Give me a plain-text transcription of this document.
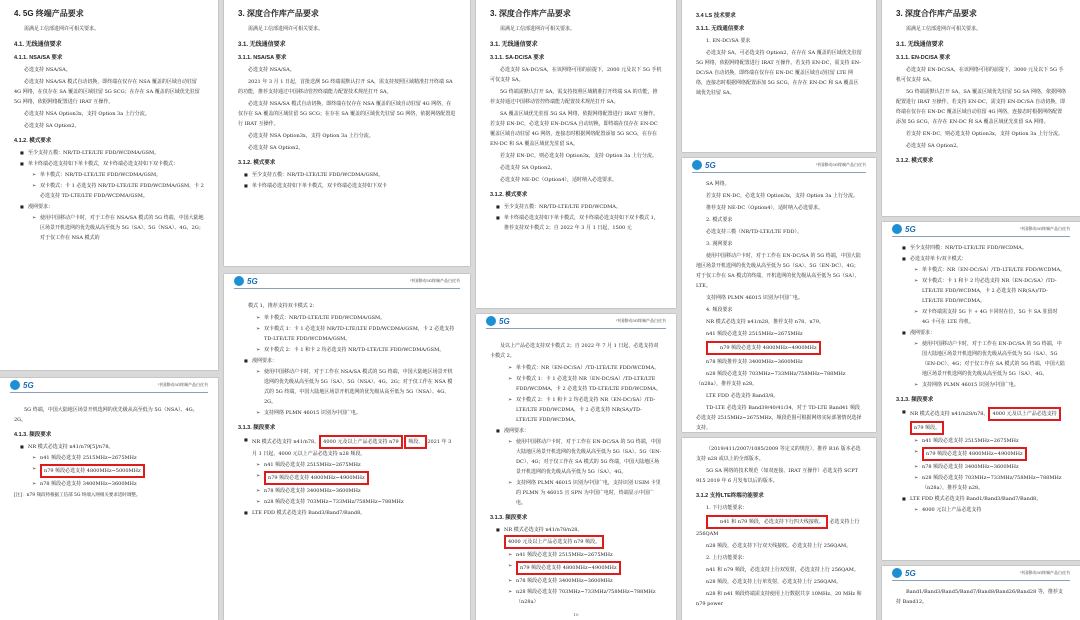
4. 5G 终端产品要求
需满足工信部进网许可相关要求。
4.1. 无线通信要求
4.1.1. NSA/SA 要求
必选支持 NSA/SA。
必选支持 NSA/SA 模式自动切换，即终端在仅存在 NSA 覆盖的区域自动驻留 4G 网络，在仅存在 SA 覆盖的区域驻留 5G SCG；在存在 SA 覆盖的区域优先驻留 5G 网络，依据网络配置进行 IRAT 互操作。
必选支持 NSA Option3x，支持 Option 3a 上行分流。
必选支持 SA Option2。
4.1.2. 模式要求
■ 至少支持五模：NR/TD-LTE/LTE FDD/WCDMA/GSM。
■ 单卡终端必选支持如下单卡模式，双卡终端必选支持如下双卡模式：
➢ 单卡模式：NR/TD-LTE/LTE FDD/WCDMA/GSM。
➢ 双卡模式：卡 1 必选支持 NR/TD-LTE/LTE FDD/WCDMA/GSM，卡 2 必选支持 TD-LTE/LTE FDD/WCDMA/GSM。
■ 漫网要求：
➢ 使用中国移动户卡时，对于工作在 NSA/SA 模式的 5G 终端，中国大陆地区场景开机选网的优先级从高至低为 5G（SA）、5G（NSA）、4G、2G；对于仅工作在 NSA 模式的
5G	中国移动5G终端产品白皮书
5G 终端，中国大陆地区场景开机选网的优先级从高至低为 5G（NSA）、4G、2G。
4.1.3. 频段要求
■ NR 模式必选支持 n41/n79[5]/n78。
➢ n41 频段必选支持 2515MHz~2675MHz
➢ n79 频段必选支持 4800MHz~5000MHz
➢ n78 频段必选支持 3400MHz~3600MHz
[注]：n79 频段将根据工信部 5G 终端入网相关要求适时调整。
3. 深度合作库产品要求
需满足工信部进网许可相关要求。
3.1. 无线通信要求
3.1.1. NSA/SA 要求
必选支持 NSA/SA。
2021 年 3 月 1 日起，首批送测 5G 终端需默认打开 SA，需支持按照区域精准打开终端 SA 的功能，推荐支持通过中国移动管控终端能力配置技术规范打开 SA。
必选支持 NSA/SA 模式自动切换，即终端在仅存在 NSA 覆盖的区域自动驻留 4G 网络，在仅存在 SA 覆盖的区域驻留 5G SCG；在存在 SA 覆盖的区域优先驻留 5G 网络，依据网络配置进行 IRAT 互操作。
必选支持 NSA Option3x，支持 Option 3a 上行分流。
必选支持 SA Option2。
3.1.2. 模式要求
■ 至少支持五模：NR/TD-LTE/LTE FDD/WCDMA/GSM。
■ 单卡终端必选支持如下单卡模式，双卡终端必选支持如下双卡
5G	中国移动5G终端产品白皮书
模式 1，推荐支持双卡模式 2：
➢ 单卡模式：NR/TD-LTE/LTE FDD/WCDMA/GSM。
➢ 双卡模式 1：卡 1 必选支持 NR/TD-LTE/LTE FDD/WCDMA/GSM，卡 2 必选支持 TD-LTE/LTE FDD/WCDMA/GSM。
➢ 双卡模式 2：卡 1 和卡 2 均必选支持 NR/TD-LTE/LTE FDD/WCDMA/GSM。
■ 漫网要求：
➢ 使用中国移动户卡时，对于工作在 NSA/SA 模式的 5G 终端，中国大陆地区场景开机选网的优先级从高至低为 5G（SA）、5G（NSA）、4G、2G；对于仅工作在 NSA 模式的 5G 终端，中国大陆地区场景开机选网的优先级从高至低为 5G（NSA）、4G、2G。
➢ 支持网络 PLMN 46015 识别为中国广电。
3.1.3. 频段要求
■ NR 模式必选支持 n41/n78、 4000 元及以上产品必选支持 n79 频段， 2021 年 3 月 1 日起，4000 元以上产品必选支持 n28 频段。
➢ n41 频段必选支持 2515MHz~2675MHz
➢ n79 频段必选支持 4800MHz~4900MHz
➢ n78 频段必选支持 3400MHz~3600MHz
➢ n28 频段必选支持 703MHz~733MHz/758MHz~788MHz
■ LTE FDD 模式必选支持 Band3/Band7/Band8。
3. 深度合作库产品要求
需满足工信部进网许可相关要求。
3.1. 无线通信要求
3.1.1. SA-DC/SA 要求
必选支持 SA-DC/SA，在该网络可用的前提下，2000 元及以下 5G 手机可仅支持 SA。
5G 终端需默认打开 SA，需支持按照区域精准打开终端 SA 的功能，推荐支持通过中国移动管控终端能力配置技术规范打开 SA。
SA 覆盖区域优先驻留 5G SA 网络，依据网络配置进行 IRAT 互操作。若支持 EN-DC，必选支持 EN-DC/SA 自动切换，即终端在仅存在 EN-DC 覆盖区域自动驻留 4G 网络，连接态时根据网络配置添加 5G SCG，在存在 EN-DC 和 SA 覆盖区域优先驻留 SA。
若支持 EN-DC，则必选支持 Option3x，支持 Option 3a 上行分流。
必选支持 SA Option2。
必选支持 NE-DC（Option4），适时纳入必选要求。
3.1.2. 模式要求
■ 至少支持五模：NR/TD-LTE/LTE FDD/WCDMA。
■ 单卡终端必选支持如下单卡模式，双卡终端必选支持如下双卡模式 1，推荐支持双卡模式 2；自 2022 年 3 月 1 日起，1500 元
5G	中国移动5G终端产品白皮书
及以上产品必选支持双卡模式 2；自 2022 年 7 月 1 日起，必选支持双卡模式 2。
➢ 单卡模式：NR（EN-DC/SA）/TD-LTE/LTE FDD/WCDMA。
➢ 双卡模式 1：卡 1 必选支持 NR（EN-DC/SA）/TD-LTE/LTE FDD/WCDMA，卡 2 必选支持 TD-LTE/LTE FDD/WCDMA。
➢ 双卡模式 2：卡 1 和卡 2 均必选支持 NR（EN-DC/SA）/TD-LTE/LTE FDD/WCDMA，卡 2 必选支持 NR(SA)/TD-LTE/LTE FDD/WCDMA。
■ 漫网要求：
➢ 使用中国移动户卡时，对于工作在 EN-DC/SA 的 5G 终端，中国大陆地区场景开机选网的优先级从高至低为 5G（SA）、5G（EN-DC）、4G；对于仅工作在 SA 模式的 5G 终端，中国大陆地区场景开机选网的优先级从高至低为 5G（SA）、4G。
➢ 支持网络 PLMN 46015 识别为中国广电，支持识别 USIM 卡里的 PLMN 为 46015 且 SPN 为中国广电时，终端显示中国广电。
3.1.3. 频段要求
■ NR 模式必选支持 n41/n78/n28、4000 元及以上产品必选支持 n79 频段。
➢ n41 频段必选支持 2515MHz~2675MHz
➢ n79 频段必选支持 4800MHz~4900MHz
➢ n78 频段必选支持 3400MHz~3600MHz
➢ n28 频段必选支持 703MHz~733MHz/758MHz~788MHz（n28a）
10
3.4 LS 技术要求
3.1.1. 无线通信要求
1. EN-DC/SA 要求
必选支持 SA，可必选支持 Option2，在存在 SA 覆盖的区域优先驻留 5G 网络，依据网络配置进行 IRAT 互操作。若支持 EN-DC，需支持 EN-DC/SA 自动切换，即终端在仅存在 EN-DC 覆盖区域自动驻留 LTE 网络，连接态时根据网络配置添加 5G SCG，在存在 EN-DC 和 SA 覆盖区域优先驻留 SA。
5G	中国移动5G终端产品白皮书
SA 网络。
若支持 EN-DC，必选支持 Option3x，支持 Option 3a 上行分流。
推荐支持 NE-DC（Option4），适时纳入必选要求。
2. 模式要求
必选支持三模（NR/TD-LTE/LTE FDD）。
3. 漫网要求
使用中国移动户卡时，对于工作在 EN-DC/SA 的 5G 终端，中国大陆地区场景开机选网的优先级从高至低为 5G（SA）、5G（EN-DC）、4G；对于仅工作在 SA 模式的终端，开机选网的优先级从高至低为 5G（SA）、LTE。
支持网络 PLMN 46015 识别为中国广电。
4. 频段要求
NR 模式必选支持 n41/n28，推荐支持 n78、n79。
n41 频段必选支持 2515MHz~2675MHz
n79 频段必选支持 4800MHz~4900MHz
n78 频段推荐支持 3400MHz~3600MHz
n28 频段必选支持 703MHz~733MHz/758MHz~788MHz（n28a），推荐支持 n28。
LTE FDD 必选支持 Band3/8。
TD-LTE 必选支持 Band39/40/41/34，对于 TD-LTE Band41 频段必选支持 2515MHz~2675MHz，频段范围可根据网络实际部署情况选择支持。
（2019/411/2007/1085/2009 等定义的规范），推荐 R16 版本必选支持 n28 或以上的全部版本。
5G SA 网络的技术规范（如双连接、IRAT 互操作）必选支持 SCPT 915 2019 年 6 月发布以后的版本。
3.1.2 支持LTE终端功能要求
1. 下行功能要求：
n41 和 n79 频段，必选支持下行四天线接收。 必选支持上行 256QAM
n28 频段，必选支持下行双天线接收。必选支持上行 256QAM。
2. 上行功能要求：
n41 和 n79 频段，必选支持上行双发射，必选支持上行 256QAM。
n28 频段，必选支持上行单发射，必选支持上行 256QAM。
n28 和 n41 频段终端需支持使用上行数据共享 10MHz、20 MHz 和 n79 power
3. 深度合作库产品要求
需满足工信部进网许可相关要求。
3.1. 无线通信要求
3.1.1. EN-DC/SA 要求
必选支持 EN-DC/SA，在该网络可用的前提下，3000 元及以下 5G 手机可仅支持 SA。
5G 终端需默认打开 SA，SA 覆盖区域优先驻留 5G SA 网络，依据网络配置进行 IRAT 互操作。若支持 EN-DC，需支持 EN-DC/SA 自动切换，即终端在仅存在 EN-DC 覆盖区域自动驻留 4G 网络，连接态时根据网络配置添加 5G SCG，在存在 EN-DC 和 SA 覆盖区域优先驻留 SA 网络。
若支持 EN-DC，则必选支持 Option3x，支持 Option 3a 上行分流。
必选支持 SA Option2。
3.1.2. 模式要求
5G	中国移动5G终端产品白皮书
■ 至少支持四模：NR/TD-LTE/LTE FDD/WCDMA。
■ 必选支持单卡/双卡模式：
➢ 单卡模式：NR（EN-DC/SA）/TD-LTE/LTE FDD/WCDMA。
➢ 双卡模式：卡 1 和卡 2 均必选支持 NR（EN-DC/SA）/TD-LTE/LTE FDD/WCDMA，卡 2 必选支持 NR(SA)/TD-LTE/LTE FDD/WCDMA。
➢ 双卡终端需支持 5G 卡 + 4G 卡同时在位，5G 卡 SA 驻留时 4G 卡可在 LTE 待机。
■ 漫网要求：
➢ 使用中国移动户卡时，对于工作在 EN-DC/SA 的 5G 终端，中国大陆地区场景开机选网的优先级从高至低为 5G（SA）、5G（EN-DC）、4G；对于仅工作在 SA 模式的 5G 终端，中国大陆地区场景开机选网的优先级从高至低为 5G（SA）、4G。
➢ 支持网络 PLMN 46015 识别为中国广电。
3.1.3. 频段要求
■ NR 模式必选支持 n41/n28/n78、 4000 元及以上产品必选支持 n79 频段。
➢ n41 频段必选支持 2515MHz~2675MHz
➢ n79 频段必选支持 4800MHz~4900MHz
➢ n78 频段必选支持 3400MHz~3600MHz
➢ n28 频段必选支持 703MHz~733MHz/758MHz~788MHz（n28a），推荐支持 n28。
■ LTE FDD 模式必选支持 Band1/Band3/Band7/Band8。
➢ 4000 元以上产品必选支持
5G	中国移动5G终端产品白皮书
Band1/Band3/Band5/Band7/Band8/Band26/Band28 等，推荐支持 Band12。
